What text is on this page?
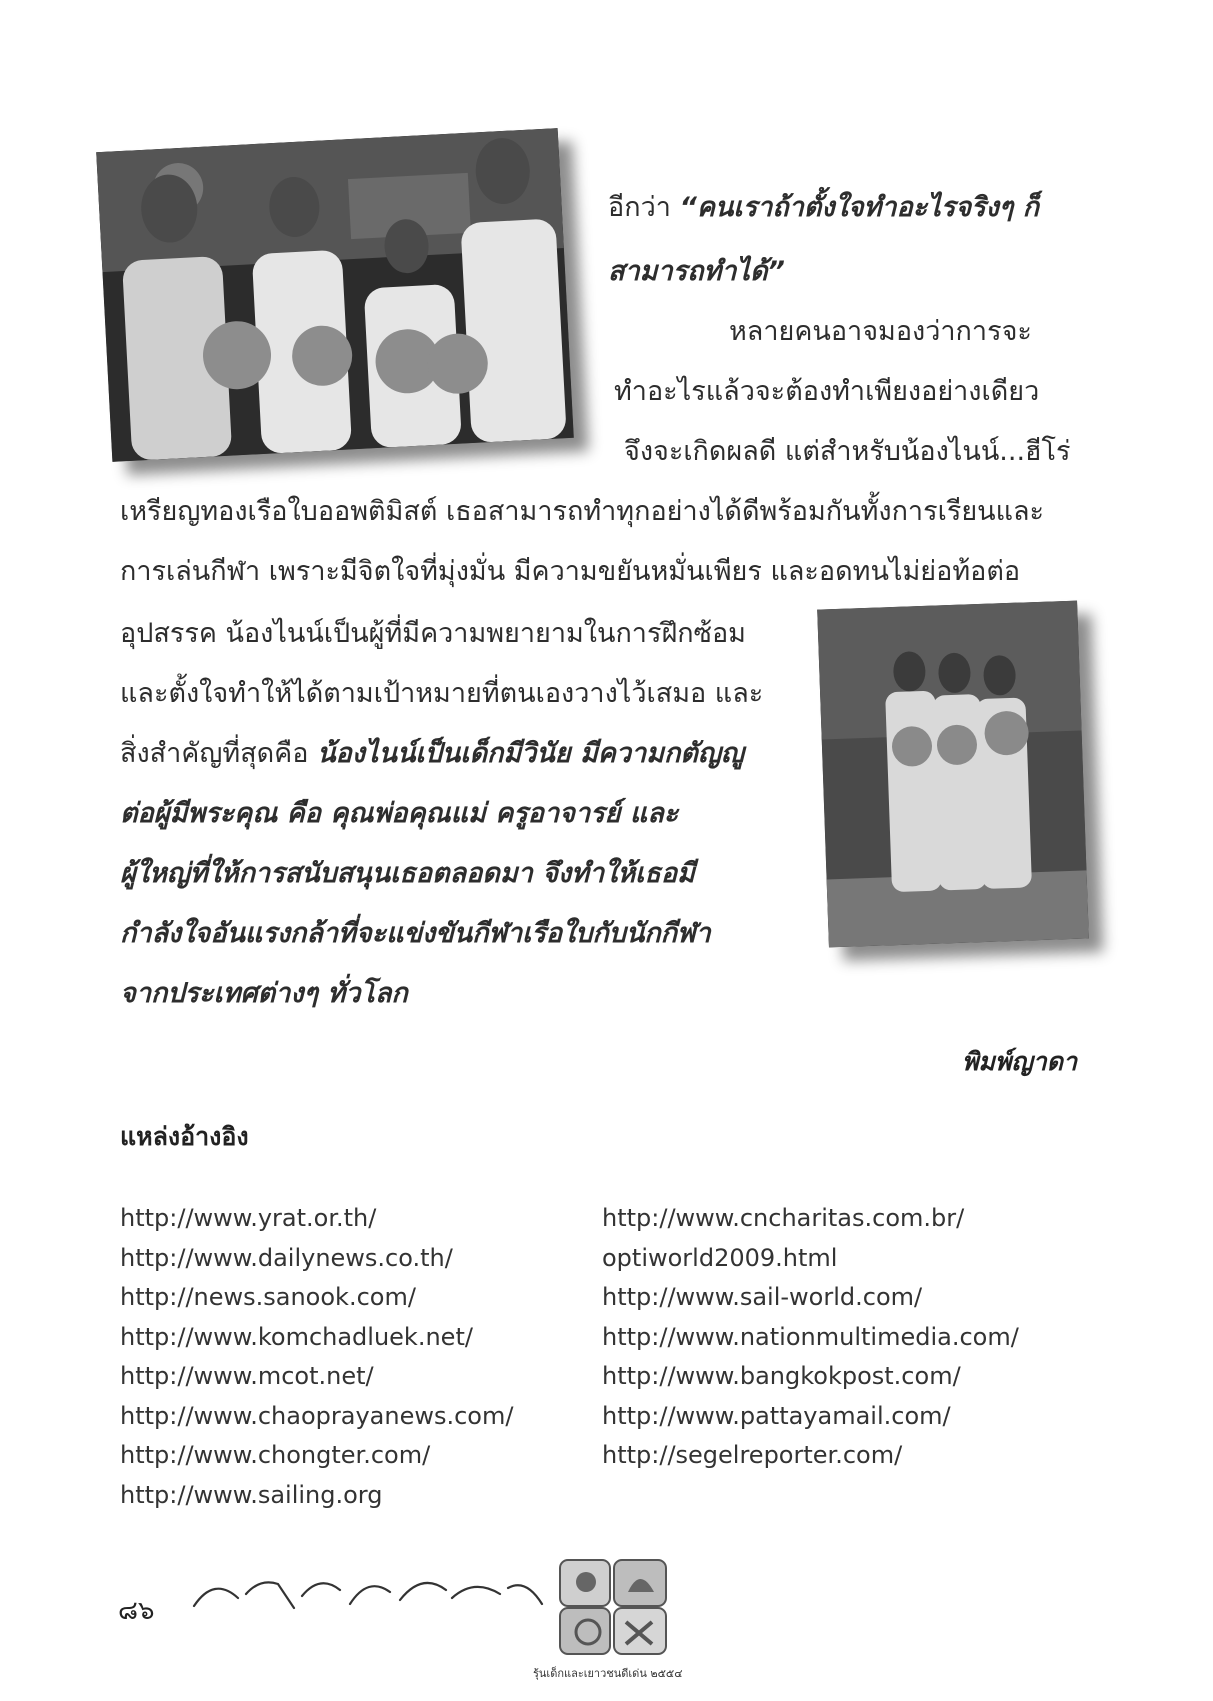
อีกว่า “คนเราถ้าตั้งใจทำอะไรจริงๆ ก็
สามารถทำได้”
หลายคนอาจมองว่าการจะ
ทำอะไรแล้วจะต้องทำเพียงอย่างเดียว
จึงจะเกิดผลดี แต่สำหรับน้องไนน์...ฮีโร่
เหรียญทองเรือใบออพติมิสต์ เธอสามารถทำทุกอย่างได้ดีพร้อมกันทั้งการเรียนและ
การเล่นกีฬา เพราะมีจิตใจที่มุ่งมั่น มีความขยันหมั่นเพียร และอดทนไม่ย่อท้อต่อ
อุปสรรค น้องไนน์เป็นผู้ที่มีความพยายามในการฝึกซ้อม
และตั้งใจทำให้ได้ตามเป้าหมายที่ตนเองวางไว้เสมอ และ
สิ่งสำคัญที่สุดคือ น้องไนน์เป็นเด็กมีวินัย มีความกตัญญู
ต่อผู้มีพระคุณ คือ คุณพ่อคุณแม่ ครูอาจารย์ และ
ผู้ใหญ่ที่ให้การสนับสนุนเธอตลอดมา จึงทำให้เธอมี
กำลังใจอันแรงกล้าที่จะแข่งขันกีฬาเรือใบกับนักกีฬา
จากประเทศต่างๆ ทั่วโลก
พิมพ์ญาดา
แหล่งอ้างอิง
http://www.yrat.or.th/
http://www.dailynews.co.th/
http://news.sanook.com/
http://www.komchadluek.net/
http://www.mcot.net/
http://www.chaoprayanews.com/
http://www.chongter.com/
http://www.sailing.org
http://www.cncharitas.com.br/
optiworld2009.html
http://www.sail-world.com/
http://www.nationmultimedia.com/
http://www.bangkokpost.com/
http://www.pattayamail.com/
http://segelreporter.com/
๘๖
รุ้นเด็กและเยาวชนดีเด่น ๒๕๕๔
